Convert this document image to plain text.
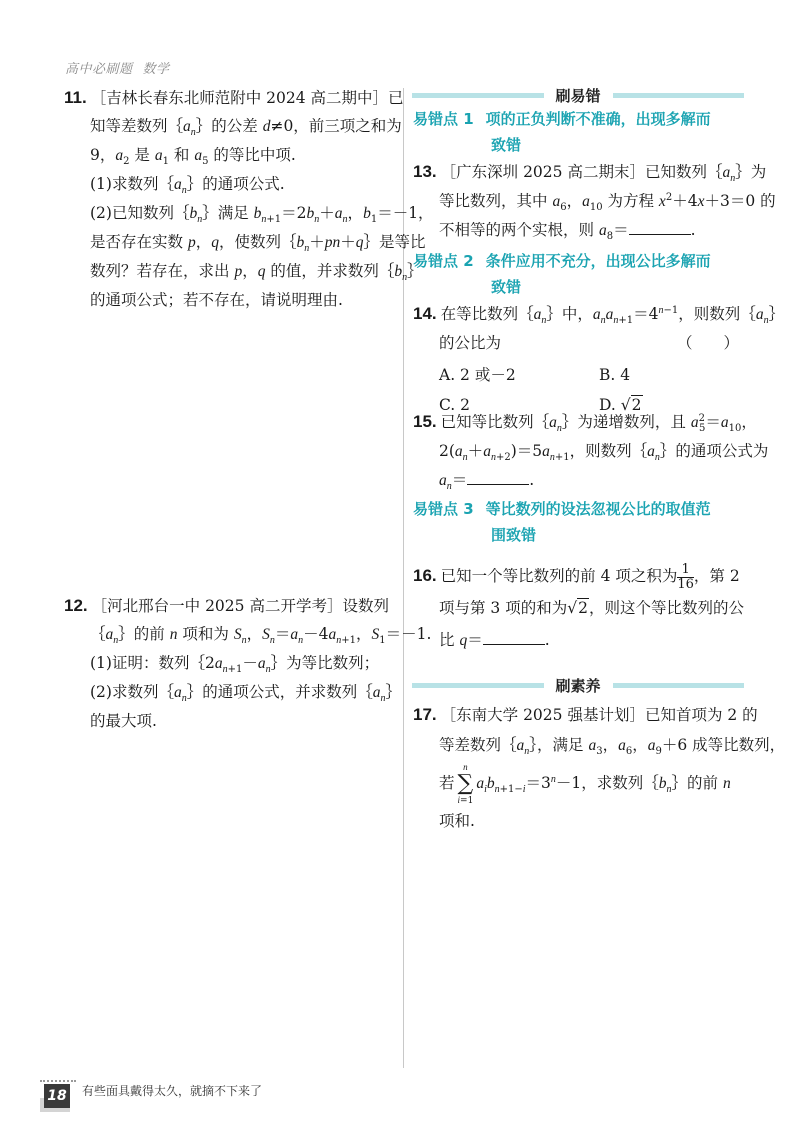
高中必刷题 数学
11. ［吉林长春东北师范附中 2024 高二期中］已
知等差数列$\{a_n\}$的公差 d≠0，前三项之和为
9，$a_2$ 是 $a_1$ 和 $a_5$ 的等比中项.
(1)求数列$\{a_n\}$的通项公式.
(2)已知数列$\{b_n\}$满足 $b_{n+1}=2b_n+a_n$，$b_1=-1$，
是否存在实数 p，q，使数列$\{b_n+pn+q\}$是等比
数列？若存在，求出 p，q 的值，并求数列$\{b_n\}$
的通项公式；若不存在，请说明理由.
12. ［河北邢台一中 2025 高二开学考］设数列
$\{a_n\}$的前 n 项和为 $S_n$，$S_n=a_n-4a_{n+1}$，$S_1=-1$.
(1)证明：数列$\{2a_{n+1}-a_n\}$为等比数列；
(2)求数列$\{a_n\}$的通项公式，并求数列$\{a_n\}$
的最大项.
刷易错
易错点 1 项的正负判断不准确，出现多解而
致错
13. ［广东深圳 2025 高二期末］已知数列$\{a_n\}$为
等比数列，其中 $a_6$，$a_{10}$ 为方程 $x^2+4x+3=0$ 的
不相等的两个实根，则 $a_8=$	.
易错点 2 条件应用不充分，出现公比多解而
致错
14. 在等比数列$\{a_n\}$中，$a_na_{n+1}=4^{n-1}$，则数列$\{a_n\}$
的公比为	（　　）
A. 2 或－2	B. 4
C. 2	D. √2
15. 已知等比数列$\{a_n\}$为递增数列，且 $a^2_5=a_{10}$，
$2(a_n+a_{n+2})=5a_{n+1}$，则数列$\{a_n\}$的通项公式为
$a_n=$	.
易错点 3 等比数列的设法忽视公比的取值范
围致错
16. 已知一个等比数列的前 4 项之积为 $\frac{1}{16}$ ，第 2
项与第 3 项的和为√2，则这个等比数列的公
比 q＝	.
刷素养
17. ［东南大学 2025 强基计划］已知首项为 2 的
等差数列$\{a_n\}$，满足 $a_3$，$a_6$，$a_9+6$ 成等比数列，
若n
∑
$i=1a_ib_{n+1-i}=3^n-1$，求数列$\{b_n\}$的前 n
项和.
18 有些面具戴得太久，就摘不下来了
